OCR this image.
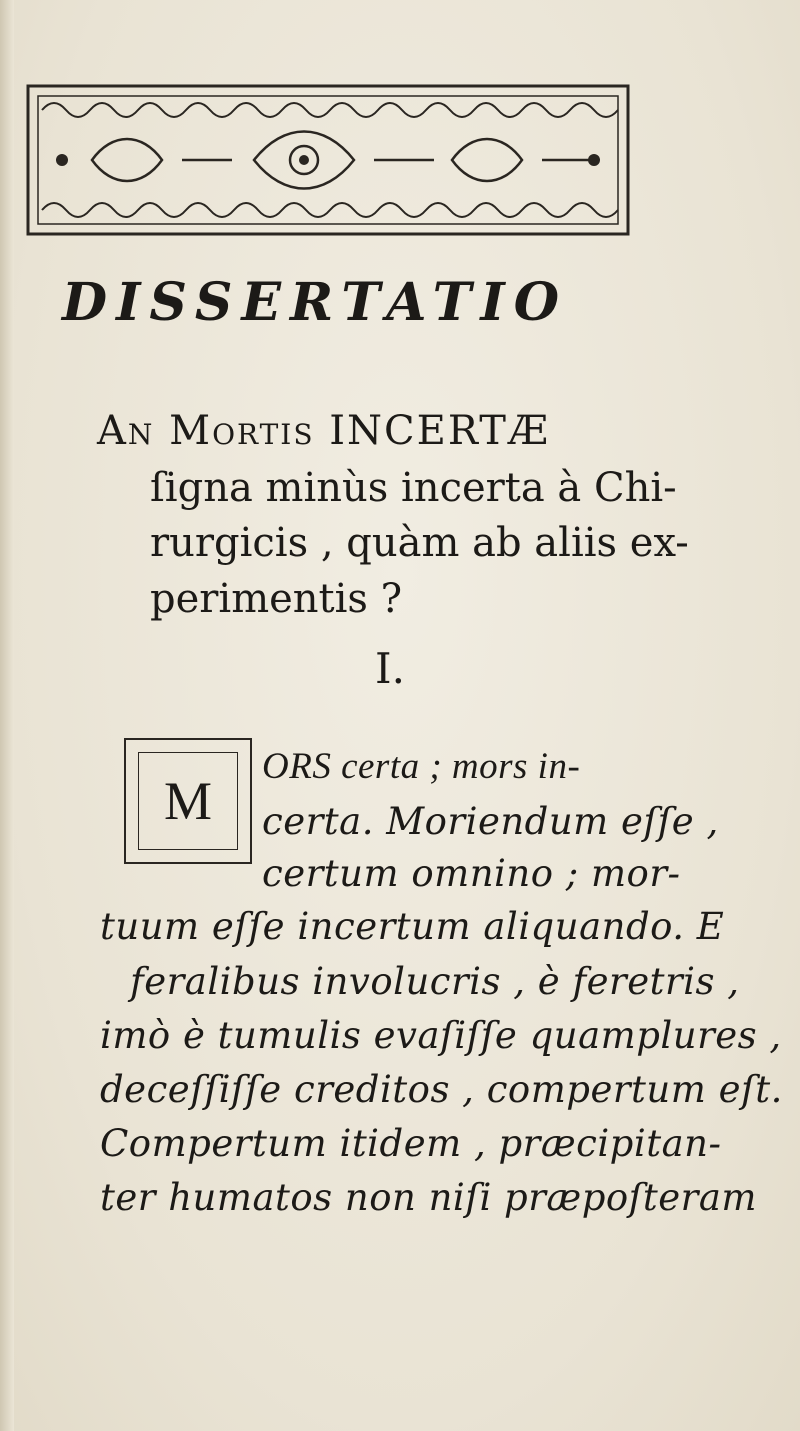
DISSERTATIO
An Mortis INCERTÆ
ſigna minùs incerta à Chi-
rurgicis , quàm ab aliis ex-
perimentis ?
I.
M
ORS certa ; mors in-
certa. Moriendum eſſe ,
certum omnino ; mor-
tuum eſſe incertum aliquando. E
feralibus involucris , è feretris ,
imò è tumulis evaſiſſe quamplures ,
deceſſiſſe creditos , compertum eſt.
Compertum itidem , præcipitan-
ter humatos non niſi præpoſteram
